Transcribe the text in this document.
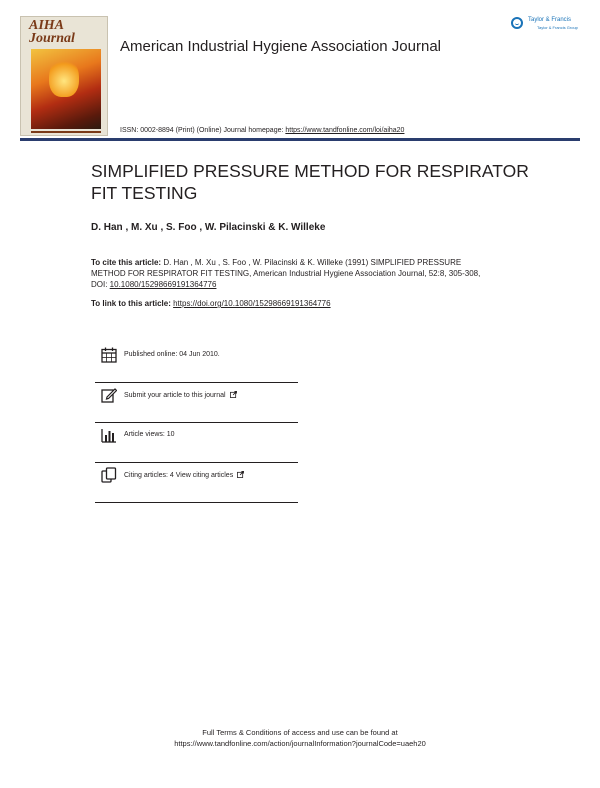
AIHA
Journal	American Industrial Hygiene Association Journal
ISSN: 0002-8894 (Print) (Online) Journal homepage: https://www.tandfonline.com/loi/aiha20
Taylor & Francis
Taylor & Francis Group
SIMPLIFIED PRESSURE METHOD FOR RESPIRATOR FIT TESTING
D. Han , M. Xu , S. Foo , W. Pilacinski & K. Willeke
To cite this article: D. Han , M. Xu , S. Foo , W. Pilacinski & K. Willeke (1991) SIMPLIFIED PRESSURE METHOD FOR RESPIRATOR FIT TESTING, American Industrial Hygiene Association Journal, 52:8, 305-308, DOI: 10.1080/15298669191364776
To link to this article: https://doi.org/10.1080/15298669191364776
Published online: 04 Jun 2010.
Submit your article to this journal
Article views: 10
Citing articles: 4 View citing articles
Full Terms & Conditions of access and use can be found at
https://www.tandfonline.com/action/journalInformation?journalCode=uaeh20
